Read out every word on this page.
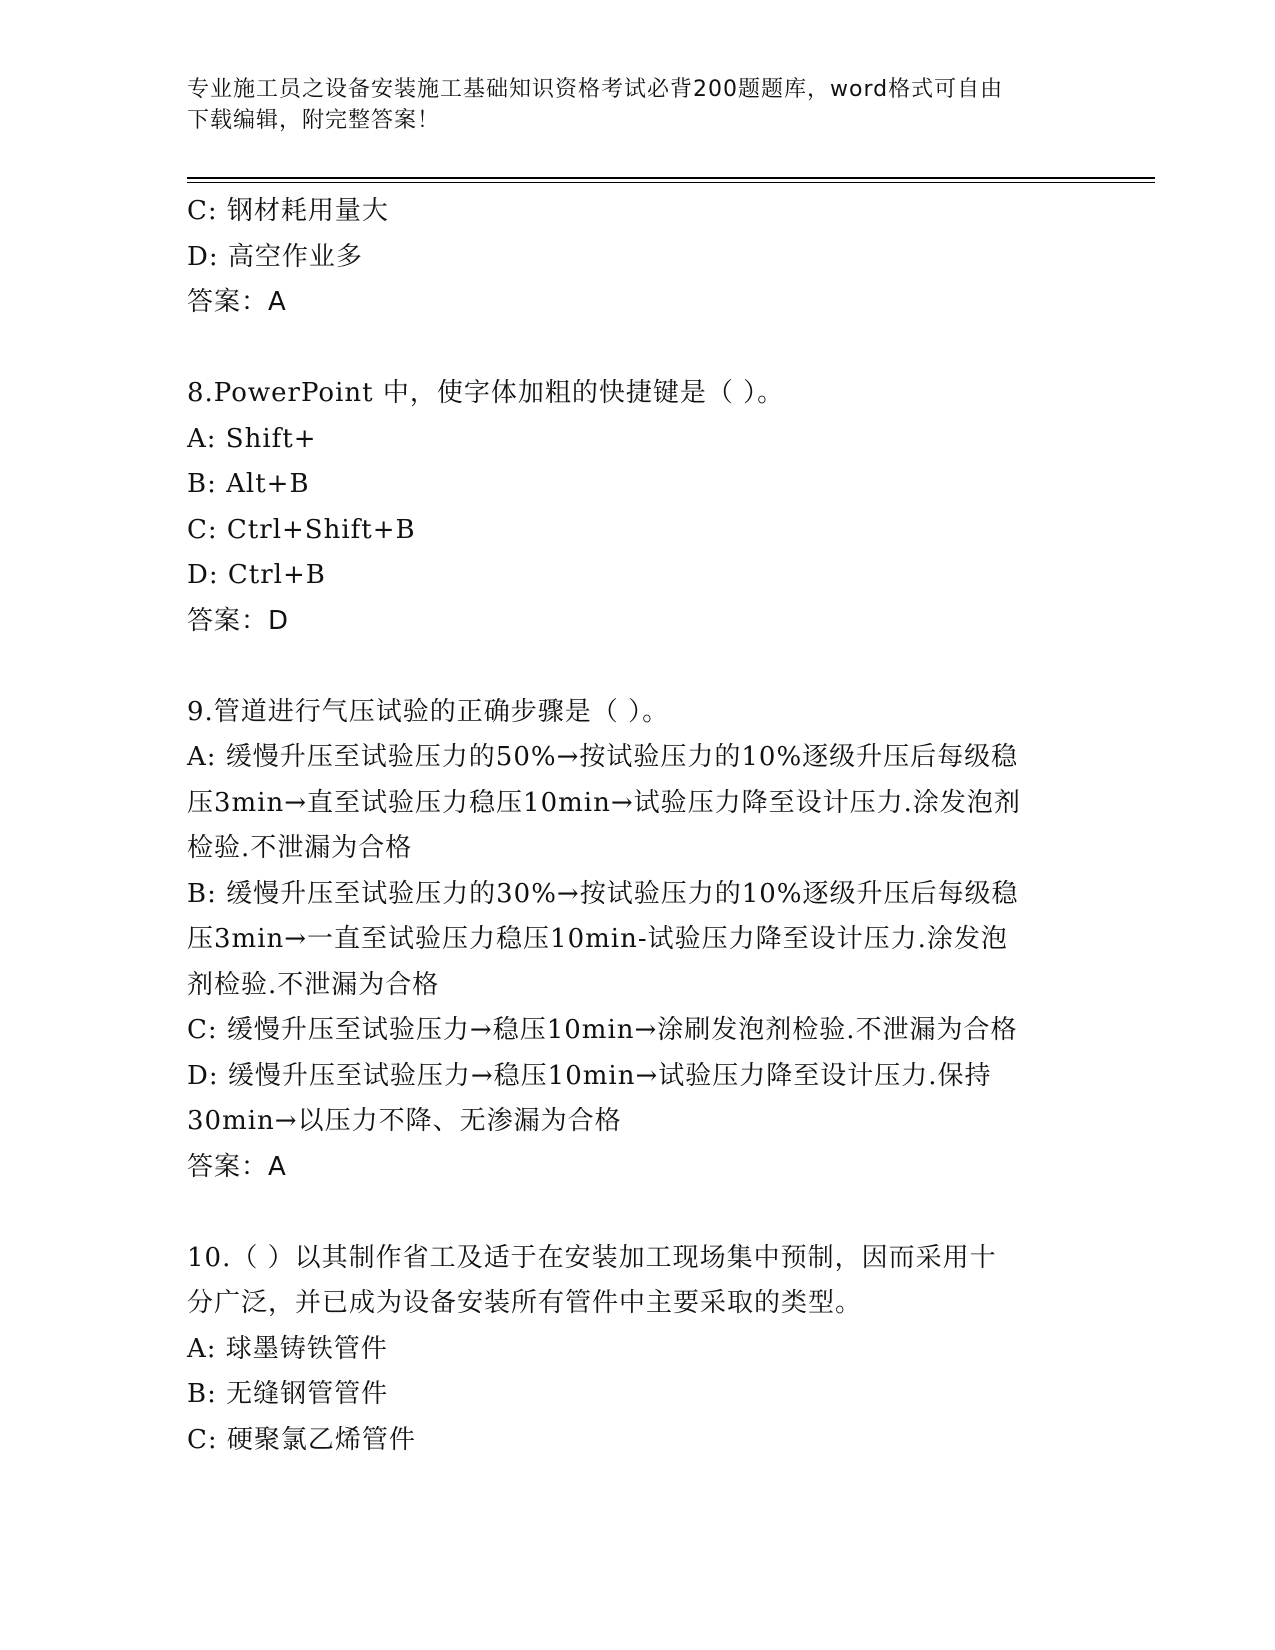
专业施工员之设备安装施工基础知识资格考试必背200题题库，word格式可自由
下载编辑，附完整答案！
C: 钢材耗用量大
D: 高空作业多
答案：A
8.PowerPoint 中，使字体加粗的快捷键是（ ）。
A: Shift+
B: Alt+B
C: Ctrl+Shift+B
D: Ctrl+B
答案：D
9.管道进行气压试验的正确步骤是（ ）。
A: 缓慢升压至试验压力的50%→按试验压力的10%逐级升压后每级稳
压3min→直至试验压力稳压10min→试验压力降至设计压力.涂发泡剂
检验.不泄漏为合格
B: 缓慢升压至试验压力的30%→按试验压力的10%逐级升压后每级稳
压3min→一直至试验压力稳压10min-试验压力降至设计压力.涂发泡
剂检验.不泄漏为合格
C: 缓慢升压至试验压力→稳压10min→涂刷发泡剂检验.不泄漏为合格
D: 缓慢升压至试验压力→稳压10min→试验压力降至设计压力.保持
30min→以压力不降、无渗漏为合格
答案：A
10.（ ）以其制作省工及适于在安装加工现场集中预制，因而采用十
分广泛，并已成为设备安装所有管件中主要采取的类型。
A: 球墨铸铁管件
B: 无缝钢管管件
C: 硬聚氯乙烯管件
